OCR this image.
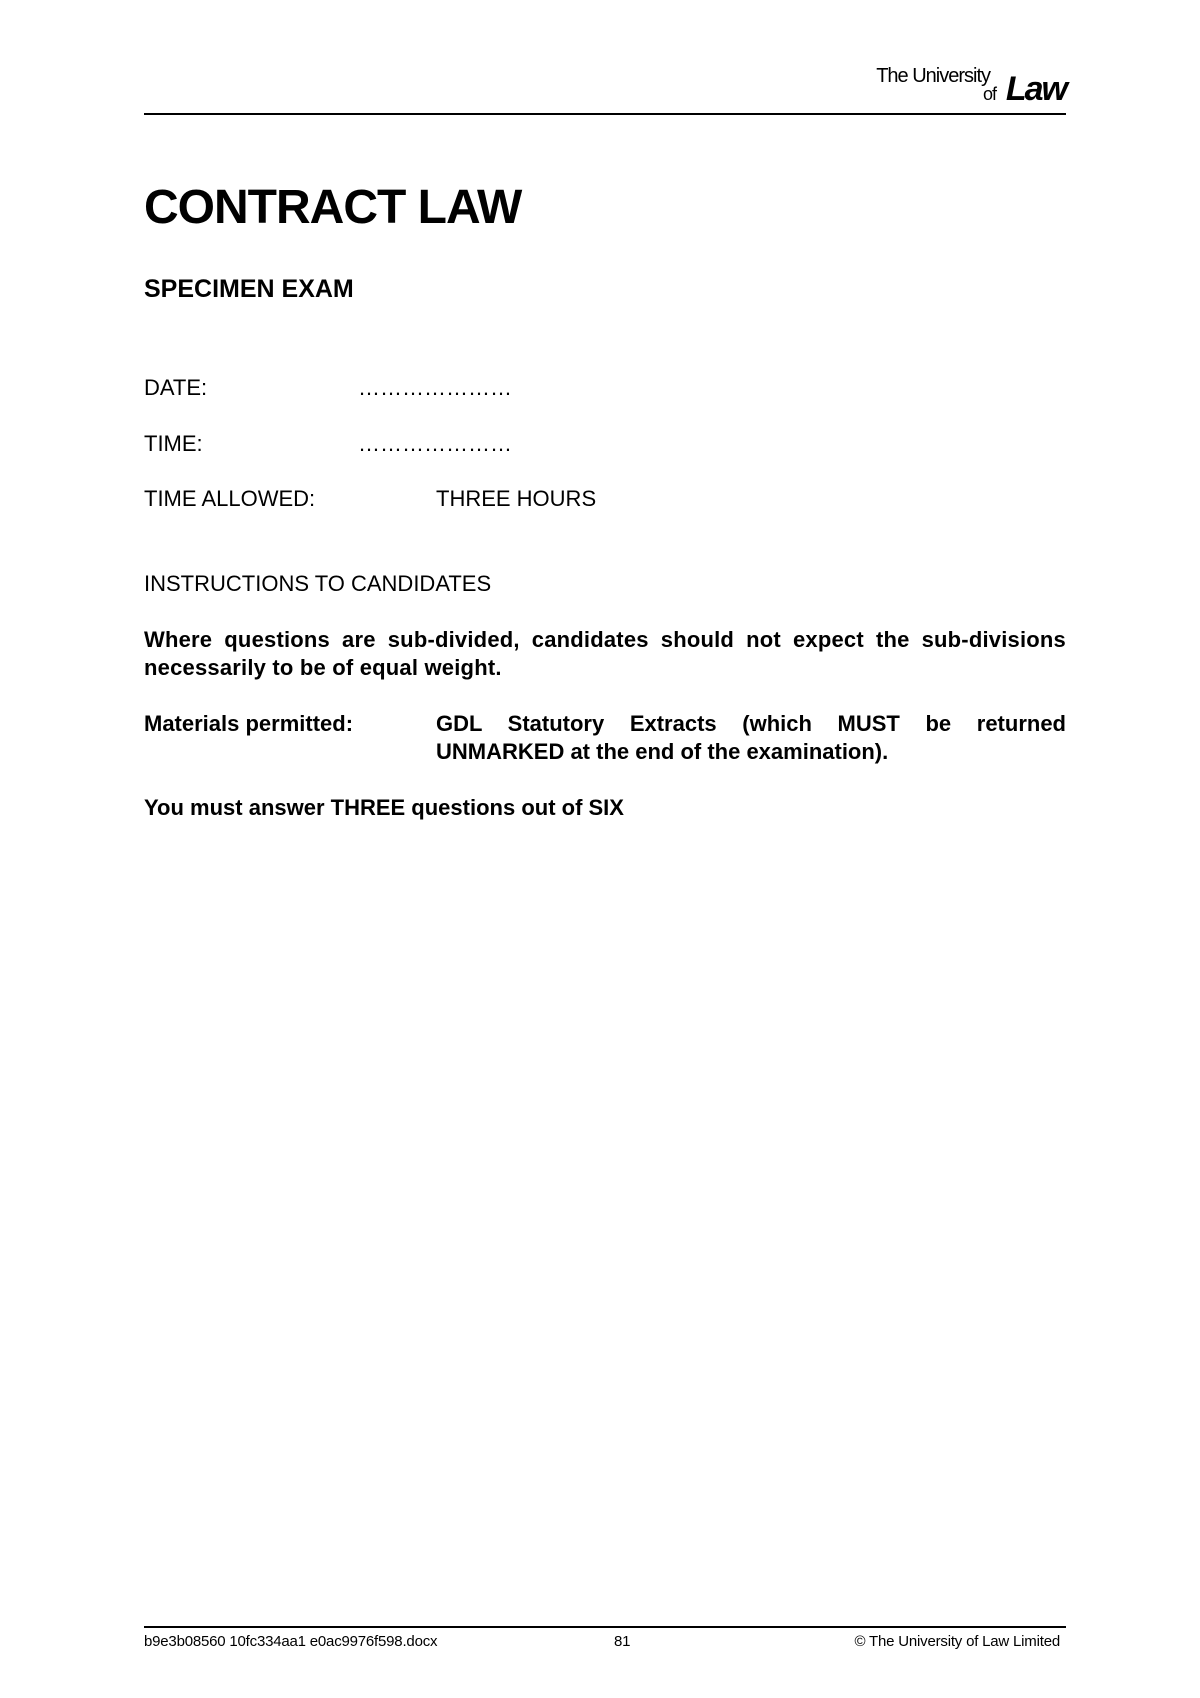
The University
of Law
CONTRACT LAW
SPECIMEN EXAM
DATE:	…………………
TIME:	…………………
TIME ALLOWED:	THREE HOURS
INSTRUCTIONS TO CANDIDATES
Where questions are sub-divided, candidates should not expect the sub-divisions necessarily to be of equal weight.
Materials permitted:	GDL Statutory Extracts (which MUST be returned UNMARKED at the end of the examination).
You must answer THREE questions out of SIX
b9e3b08560 10fc334aa1 e0ac9976f598.docx	81	© The University of Law Limited
